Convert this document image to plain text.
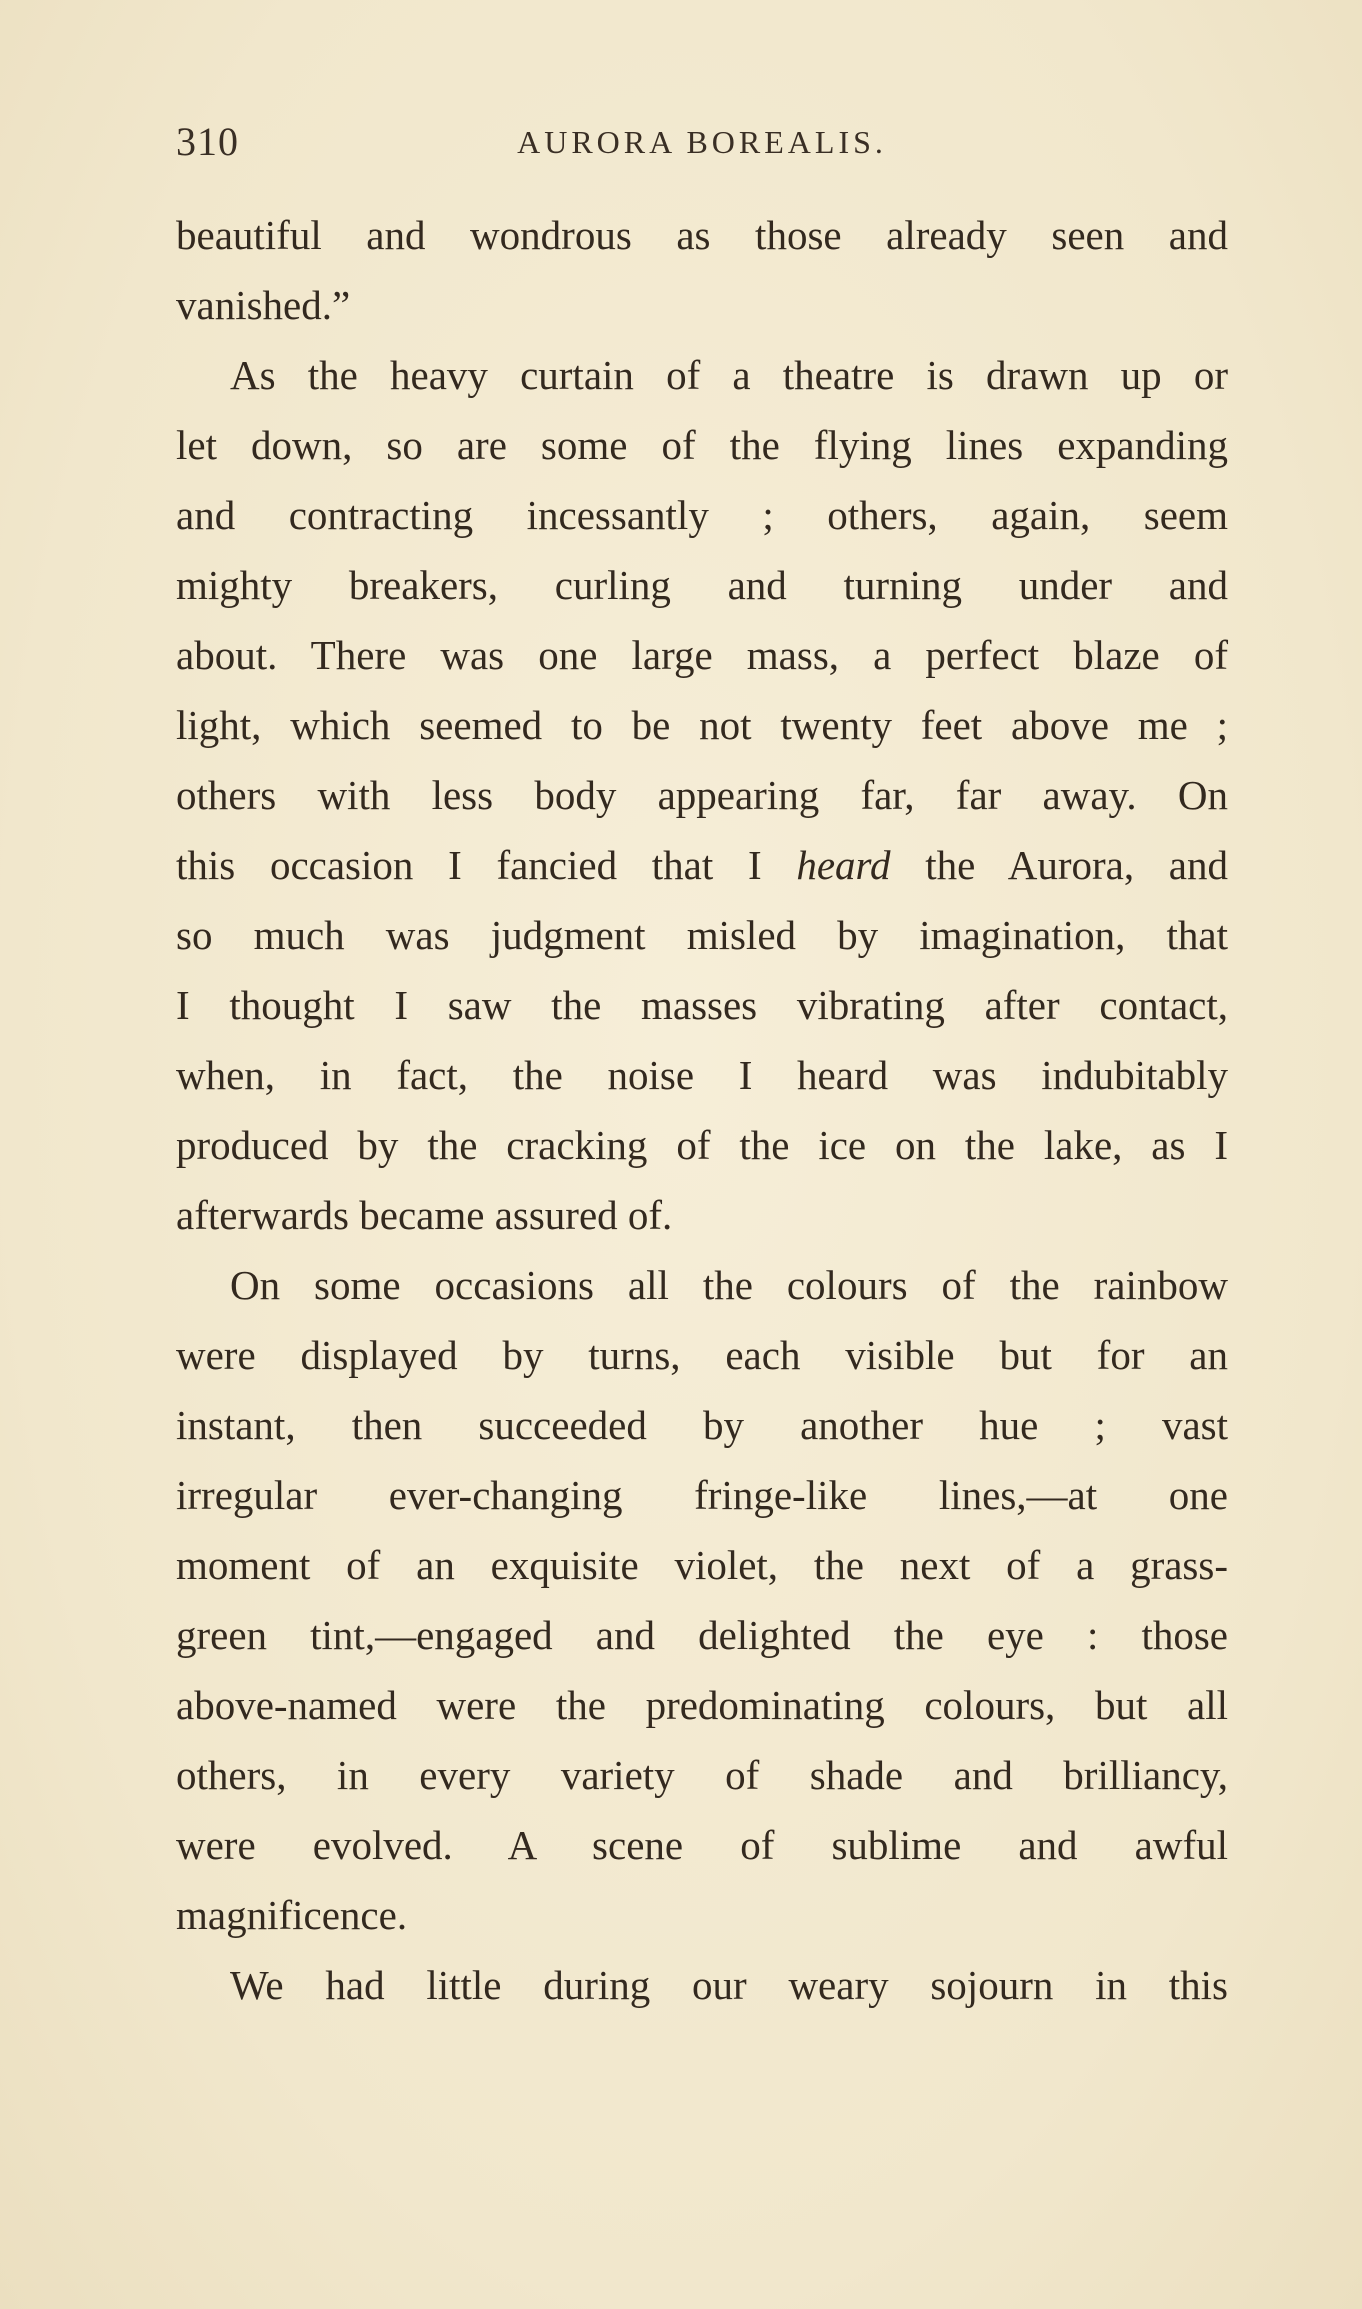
310	AURORA BOREALIS.
beautiful and wondrous as those already seen and
vanished.”
As the heavy curtain of a theatre is drawn up or
let down, so are some of the flying lines expanding
and contracting incessantly ; others, again, seem
mighty breakers, curling and turning under and
about. There was one large mass, a perfect blaze of
light, which seemed to be not twenty feet above me ;
others with less body appearing far, far away. On
this occasion I fancied that I heard the Aurora, and
so much was judgment misled by imagination, that
I thought I saw the masses vibrating after contact,
when, in fact, the noise I heard was indubitably
produced by the cracking of the ice on the lake, as I
afterwards became assured of.
On some occasions all the colours of the rainbow
were displayed by turns, each visible but for an
instant, then succeeded by another hue ; vast
irregular ever-changing fringe-like lines,—at one
moment of an exquisite violet, the next of a grass-
green tint,—engaged and delighted the eye : those
above-named were the predominating colours, but all
others, in every variety of shade and brilliancy,
were evolved. A scene of sublime and awful
magnificence.
We had little during our weary sojourn in this
